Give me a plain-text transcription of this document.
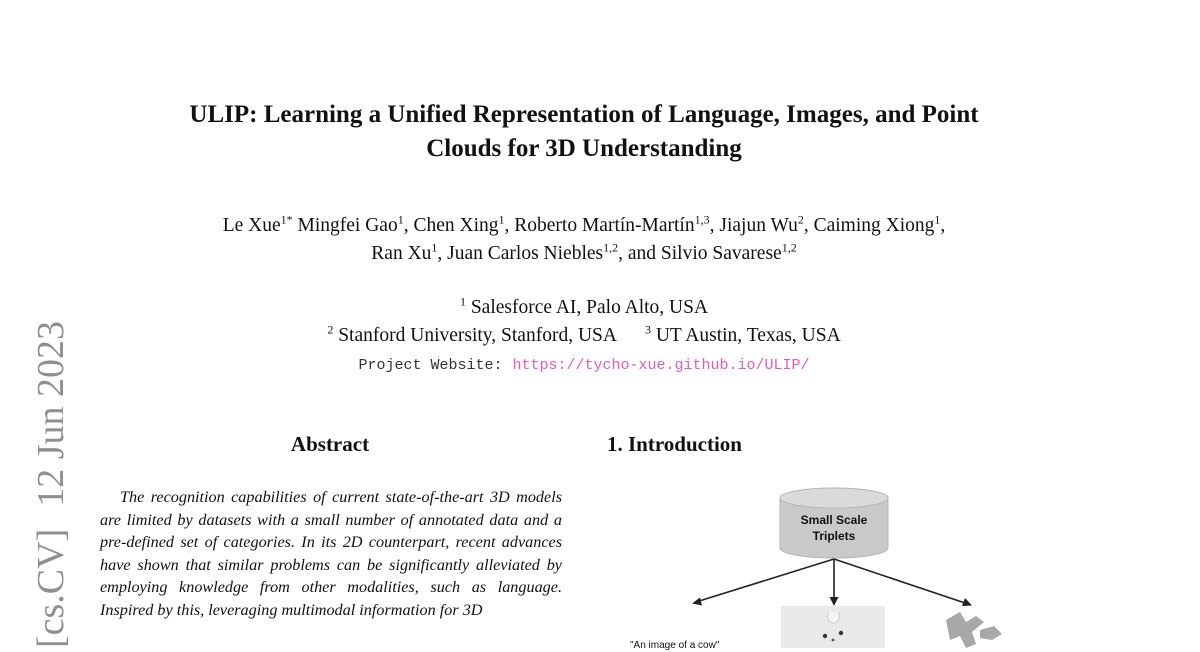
[cs.CV]12 Jun 2023
ULIP: Learning a Unified Representation of Language, Images, and Point
Clouds for 3D Understanding
Le Xue$^{1*}$ Mingfei Gao$^1$, Chen Xing$^1$, Roberto Martín-Martín$^{1,3}$, Jiajun Wu$^2$, Caiming Xiong$^1$,
Ran Xu$^1$, Juan Carlos Niebles$^{1,2}$, and Silvio Savarese$^{1,2}$
$^1$ Salesforce AI, Palo Alto, USA
$^2$ Stanford University, Stanford, USA $^3$ UT Austin, Texas, USA
Project Website: https://tycho-xue.github.io/ULIP/
Abstract
The recognition capabilities of current state-of-the-art 3D models are limited by datasets with a small number of annotated data and a pre-defined set of categories. In its 2D counterpart, recent advances have shown that similar problems can be significantly alleviated by employing knowledge from other modalities, such as language. Inspired by this, leveraging multimodal information for 3D
1. Introduction
Small Scale
Triplets
"An image of a cow"
